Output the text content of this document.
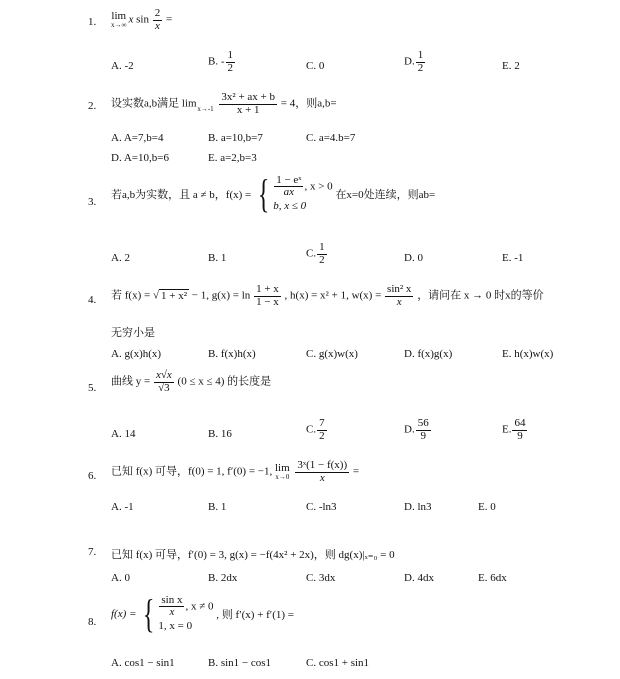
1. lim
x→∞ x $\sin \frac{2}{x}$ =
A. -2	B. - $\frac{1}{2}$	C. 0	D. $\frac{1}{2}$	E. 2
2. 设实数a,b满足 lim
x→-1
$\frac{\text{3x² + ax + b}}{x + 1} = 4$，则a,b=
A. A=7,b=4	B. a=10,b=7	C. a=4.b=7
D. A=10,b=6	E. a=2,b=3
3.
若a,b为实数，且 a ≠ b，f(x) = { $\frac{\text{1 − eˣ}}{ax}$ , x > 0
b, x ≤ 0
在x=0处连续，则ab=
A. 2	B. 1	C. $\frac{1}{2}$	D. 0	E. -1
4. 若 f(x) = √ 1 + x² − 1, $g(x) = \ln \frac{1 + x}{1 - x}$ , h(x) = x² + 1, $w(x) = \frac{\text{sin² x}}{x}$ ，请问在 x → 0 时x的等价
无穷小是
A. g(x)h(x)	B. f(x)h(x)	C. g(x)w(x)	D. f(x)g(x)	E. h(x)w(x)
5.
曲线 $y = \frac{x√x}{√3} (0 \le x \le 4)$ 的长度是
A. 14	B. 16	C. $\frac{7}{2}$	D. $\frac{56}{9}$	E. $\frac{64}{9}$
6. 已知 f(x) 可导，f(0) = 1, f′(0) = −1, lim
x→0
$\frac{\text{3ˣ(1 − f(x))}}{x}$ =
A. -1	B. 1	C. -ln3	D. ln3	E. 0
7. 已知 f(x) 可导，f′(0) = 3, g(x) = −f(4x² + 2x)，则 dg(x)|ₓ₌₀ = 0
A. 0	B. 2dx	C. 3dx	D. 4dx	E. 6dx
8.
f(x) = { $\frac{\text{sin x}}{x}$ , x ≠ 0
1, x = 0
, 则 f′(x) + f′(1) =
A. cos1 − sin1	B. sin1 − cos1	C. cos1 + sin1
